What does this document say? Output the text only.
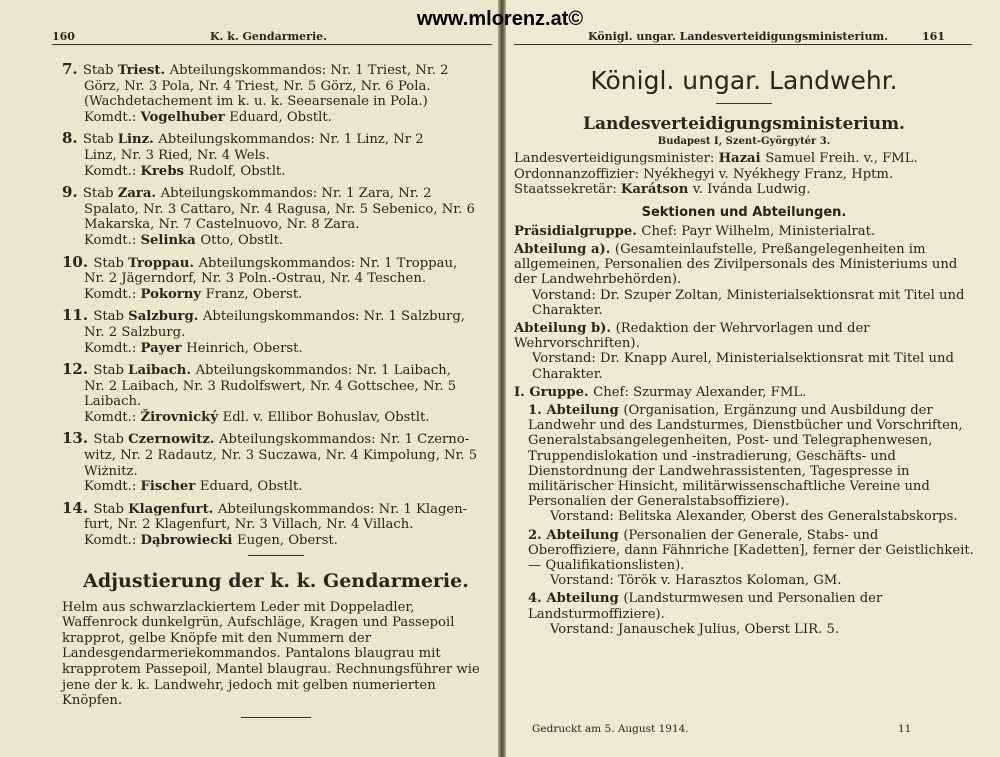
www.mlorenz.at©
160	K. k. Gendarmerie.	Königl. ungar. Landesverteidigungsministerium.	161
7. Stab Triest. Abteilungskommandos: Nr. 1 Triest, Nr. 2
Görz, Nr. 3 Pola, Nr. 4 Triest, Nr. 5 Görz, Nr. 6 Pola. (Wachdetachement im k. u. k. Seearsenale in Pola.)
Komdt.: Vogelhuber Eduard, Obstlt.
8. Stab Linz. Abteilungskommandos: Nr. 1 Linz, Nr 2
Linz, Nr. 3 Ried, Nr. 4 Wels.
Komdt.: Krebs Rudolf, Obstlt.
9. Stab Zara. Abteilungskommandos: Nr. 1 Zara, Nr. 2
Spalato, Nr. 3 Cattaro, Nr. 4 Ragusa, Nr. 5 Sebenico, Nr. 6 Makarska, Nr. 7 Castelnuovo, Nr. 8 Zara.
Komdt.: Selinka Otto, Obstlt.
10. Stab Troppau. Abteilungskommandos: Nr. 1 Troppau,
Nr. 2 Jägerndorf, Nr. 3 Poln.-Ostrau, Nr. 4 Teschen.
Komdt.: Pokorny Franz, Oberst.
11. Stab Salzburg. Abteilungskommandos: Nr. 1 Salzburg,
Nr. 2 Salzburg.
Komdt.: Payer Heinrich, Oberst.
12. Stab Laibach. Abteilungskommandos: Nr. 1 Laibach,
Nr. 2 Laibach, Nr. 3 Rudolfswert, Nr. 4 Gottschee, Nr. 5 Laibach.
Komdt.: Žirovnický Edl. v. Ellibor Bohuslav, Obstlt.
13. Stab Czernowitz. Abteilungskommandos: Nr. 1 Czerno-
witz, Nr. 2 Radautz, Nr. 3 Suczawa, Nr. 4 Kimpolung, Nr. 5 Wiżnitz.
Komdt.: Fischer Eduard, Obstlt.
14. Stab Klagenfurt. Abteilungskommandos: Nr. 1 Klagen-
furt, Nr. 2 Klagenfurt, Nr. 3 Villach, Nr. 4 Villach.
Komdt.: Dąbrowiecki Eugen, Oberst.
Adjustierung der k. k. Gendarmerie.
Helm aus schwarzlackiertem Leder mit Doppeladler, Waffenrock dunkelgrün, Aufschläge, Kragen und Passepoil krapprot, gelbe Knöpfe mit den Nummern der Landesgendarmeriekommandos. Pantalons blaugrau mit krapprotem Passepoil, Mantel blaugrau. Rechnungsführer wie jene der k. k. Landwehr, jedoch mit gelben numerierten Knöpfen.
Königl. ungar. Landwehr.
Landesverteidigungsministerium.
Budapest I, Szent-Györgytér 3.
Landesverteidigungsminister: Hazai Samuel Freih. v., FML.
Ordonnanzoffizier: Nyékhegyi v. Nyékhegy Franz, Hptm.
Staatssekretär: Karátson v. Ivánda Ludwig.
Sektionen und Abteilungen.
Präsidialgruppe. Chef: Payr Wilhelm, Ministerialrat.
Abteilung a). (Gesamteinlaufstelle, Preßangelegenheiten im allgemeinen, Personalien des Zivilpersonals des Ministeriums und der Landwehrbehörden).
Vorstand: Dr. Szuper Zoltan, Ministerialsektionsrat mit Titel und Charakter.
Abteilung b). (Redaktion der Wehrvorlagen und der Wehrvorschriften).
Vorstand: Dr. Knapp Aurel, Ministerialsektionsrat mit Titel und Charakter.
I. Gruppe. Chef: Szurmay Alexander, FML.
1. Abteilung (Organisation, Ergänzung und Ausbildung der Landwehr und des Landsturmes, Dienstbücher und Vorschriften, Generalstabsangelegenheiten, Post- und Telegraphenwesen, Truppendislokation und -instradierung, Geschäfts- und Dienstordnung der Landwehrassistenten, Tagespresse in militärischer Hinsicht, militärwissenschaftliche Vereine und Personalien der Generalstabsoffiziere).
Vorstand: Belitska Alexander, Oberst des Generalstabskorps.
2. Abteilung (Personalien der Generale, Stabs- und Oberoffiziere, dann Fähnriche [Kadetten], ferner der Geistlichkeit. — Qualifikationslisten).
Vorstand: Török v. Harasztos Koloman, GM.
4. Abteilung (Landsturmwesen und Personalien der Landsturmoffiziere).
Vorstand: Janauschek Julius, Oberst LIR. 5.
Gedruckt am 5. August 1914.	11
